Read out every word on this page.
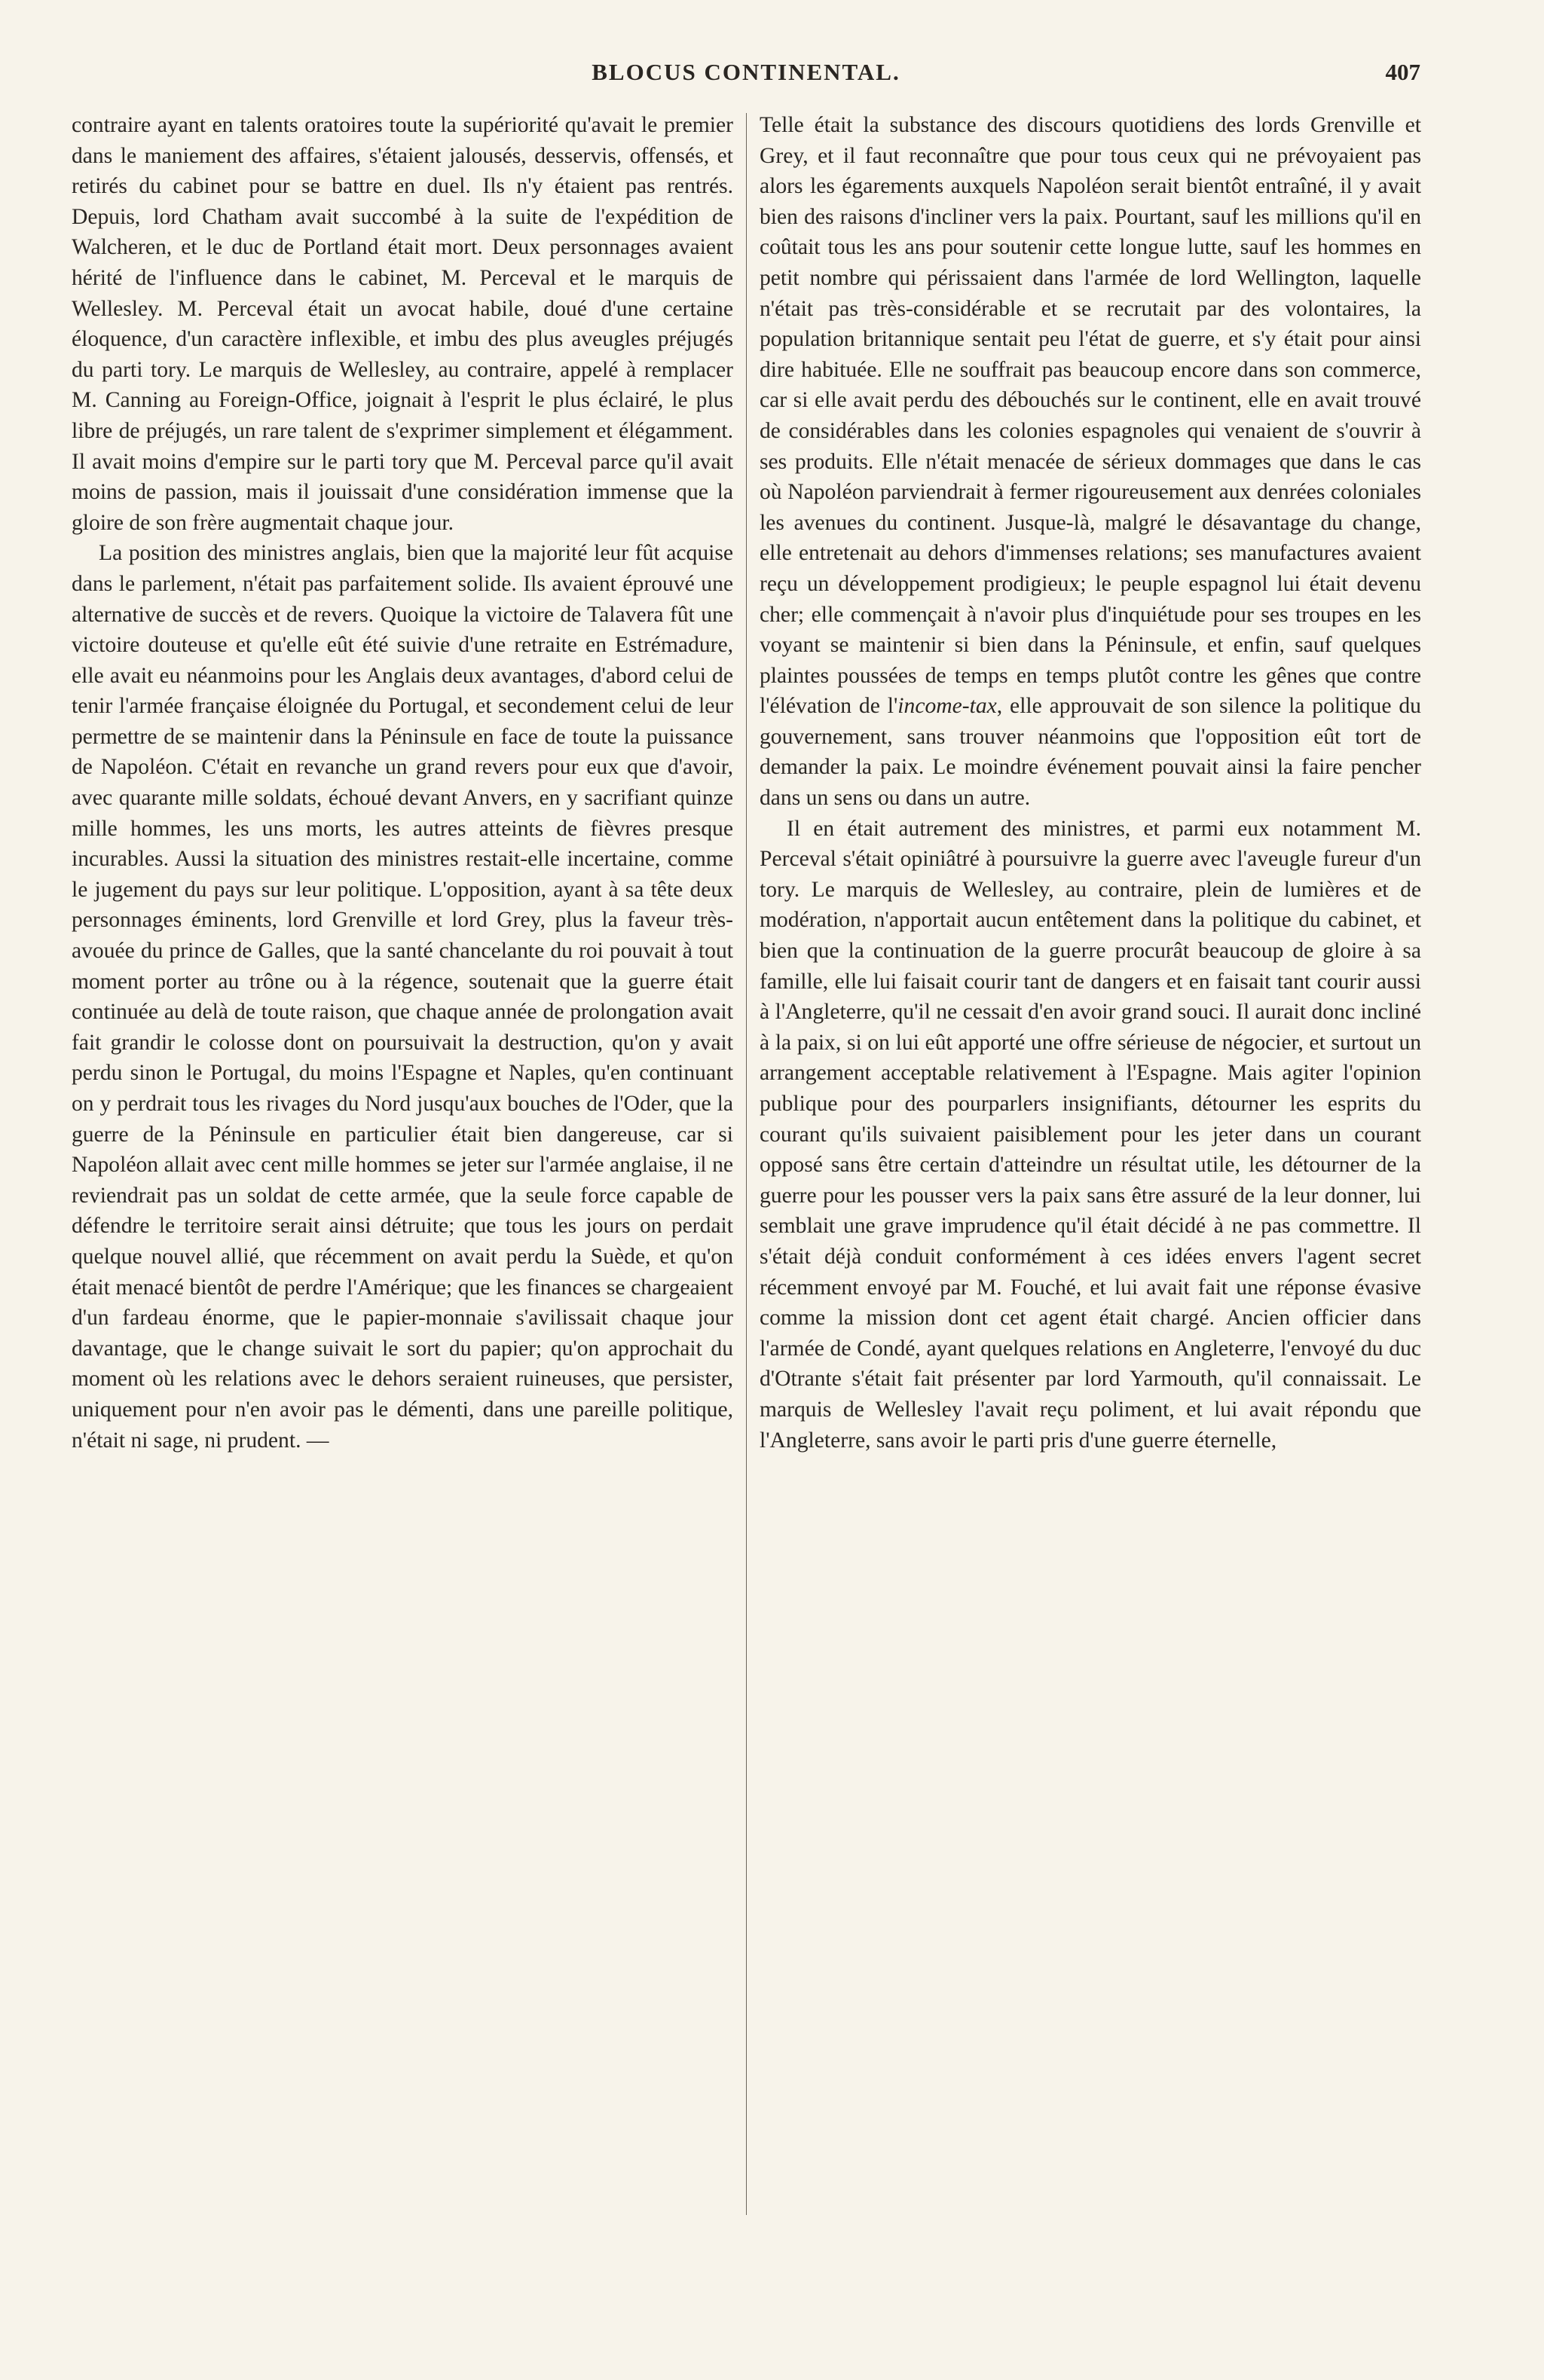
BLOCUS CONTINENTAL.	407

contraire ayant en talents oratoires toute la supériorité qu'avait le premier dans le maniement des affaires, s'étaient jalousés, desservis, offensés, et retirés du cabinet pour se battre en duel. Ils n'y étaient pas rentrés. Depuis, lord Chatham avait succombé à la suite de l'expédition de Walcheren, et le duc de Portland était mort. Deux personnages avaient hérité de l'influence dans le cabinet, M. Perceval et le marquis de Wellesley. M. Perceval était un avocat habile, doué d'une certaine éloquence, d'un caractère inflexible, et imbu des plus aveugles préjugés du parti tory. Le marquis de Wellesley, au contraire, appelé à remplacer M. Canning au Foreign-Office, joignait à l'esprit le plus éclairé, le plus libre de préjugés, un rare talent de s'exprimer simplement et élégamment. Il avait moins d'empire sur le parti tory que M. Perceval parce qu'il avait moins de passion, mais il jouissait d'une considération immense que la gloire de son frère augmentait chaque jour.

La position des ministres anglais, bien que la majorité leur fût acquise dans le parlement, n'était pas parfaitement solide. Ils avaient éprouvé une alternative de succès et de revers. Quoique la victoire de Talavera fût une victoire douteuse et qu'elle eût été suivie d'une retraite en Estrémadure, elle avait eu néanmoins pour les Anglais deux avantages, d'abord celui de tenir l'armée française éloignée du Portugal, et secondement celui de leur permettre de se maintenir dans la Péninsule en face de toute la puissance de Napoléon. C'était en revanche un grand revers pour eux que d'avoir, avec quarante mille soldats, échoué devant Anvers, en y sacrifiant quinze mille hommes, les uns morts, les autres atteints de fièvres presque incurables. Aussi la situation des ministres restait-elle incertaine, comme le jugement du pays sur leur politique. L'opposition, ayant à sa tête deux personnages éminents, lord Grenville et lord Grey, plus la faveur très-avouée du prince de Galles, que la santé chancelante du roi pouvait à tout moment porter au trône ou à la régence, soutenait que la guerre était continuée au delà de toute raison, que chaque année de prolongation avait fait grandir le colosse dont on poursuivait la destruction, qu'on y avait perdu sinon le Portugal, du moins l'Espagne et Naples, qu'en continuant on y perdrait tous les rivages du Nord jusqu'aux bouches de l'Oder, que la guerre de la Péninsule en particulier était bien dangereuse, car si Napoléon allait avec cent mille hommes se jeter sur l'armée anglaise, il ne reviendrait pas un soldat de cette armée, que la seule force capable de défendre le territoire serait ainsi détruite; que tous les jours on perdait quelque nouvel allié, que récemment on avait perdu la Suède, et qu'on était menacé bientôt de perdre l'Amérique; que les finances se chargeaient d'un fardeau énorme, que le papier-monnaie s'avilissait chaque jour davantage, que le change suivait le sort du papier; qu'on approchait du moment où les relations avec le dehors seraient ruineuses, que persister, uniquement pour n'en avoir pas le démenti, dans une pareille politique, n'était ni sage, ni prudent. —

Telle était la substance des discours quotidiens des lords Grenville et Grey, et il faut reconnaître que pour tous ceux qui ne prévoyaient pas alors les égarements auxquels Napoléon serait bientôt entraîné, il y avait bien des raisons d'incliner vers la paix. Pourtant, sauf les millions qu'il en coûtait tous les ans pour soutenir cette longue lutte, sauf les hommes en petit nombre qui périssaient dans l'armée de lord Wellington, laquelle n'était pas très-considérable et se recrutait par des volontaires, la population britannique sentait peu l'état de guerre, et s'y était pour ainsi dire habituée. Elle ne souffrait pas beaucoup encore dans son commerce, car si elle avait perdu des débouchés sur le continent, elle en avait trouvé de considérables dans les colonies espagnoles qui venaient de s'ouvrir à ses produits. Elle n'était menacée de sérieux dommages que dans le cas où Napoléon parviendrait à fermer rigoureusement aux denrées coloniales les avenues du continent. Jusque-là, malgré le désavantage du change, elle entretenait au dehors d'immenses relations; ses manufactures avaient reçu un développement prodigieux; le peuple espagnol lui était devenu cher; elle commençait à n'avoir plus d'inquiétude pour ses troupes en les voyant se maintenir si bien dans la Péninsule, et enfin, sauf quelques plaintes poussées de temps en temps plutôt contre les gênes que contre l'élévation de l'income-tax, elle approuvait de son silence la politique du gouvernement, sans trouver néanmoins que l'opposition eût tort de demander la paix. Le moindre événement pouvait ainsi la faire pencher dans un sens ou dans un autre.

Il en était autrement des ministres, et parmi eux notamment M. Perceval s'était opiniâtré à poursuivre la guerre avec l'aveugle fureur d'un tory. Le marquis de Wellesley, au contraire, plein de lumières et de modération, n'apportait aucun entêtement dans la politique du cabinet, et bien que la continuation de la guerre procurât beaucoup de gloire à sa famille, elle lui faisait courir tant de dangers et en faisait tant courir aussi à l'Angleterre, qu'il ne cessait d'en avoir grand souci. Il aurait donc incliné à la paix, si on lui eût apporté une offre sérieuse de négocier, et surtout un arrangement acceptable relativement à l'Espagne. Mais agiter l'opinion publique pour des pourparlers insignifiants, détourner les esprits du courant qu'ils suivaient paisiblement pour les jeter dans un courant opposé sans être certain d'atteindre un résultat utile, les détourner de la guerre pour les pousser vers la paix sans être assuré de la leur donner, lui semblait une grave imprudence qu'il était décidé à ne pas commettre. Il s'était déjà conduit conformément à ces idées envers l'agent secret récemment envoyé par M. Fouché, et lui avait fait une réponse évasive comme la mission dont cet agent était chargé. Ancien officier dans l'armée de Condé, ayant quelques relations en Angleterre, l'envoyé du duc d'Otrante s'était fait présenter par lord Yarmouth, qu'il connaissait. Le marquis de Wellesley l'avait reçu poliment, et lui avait répondu que l'Angleterre, sans avoir le parti pris d'une guerre éternelle,
